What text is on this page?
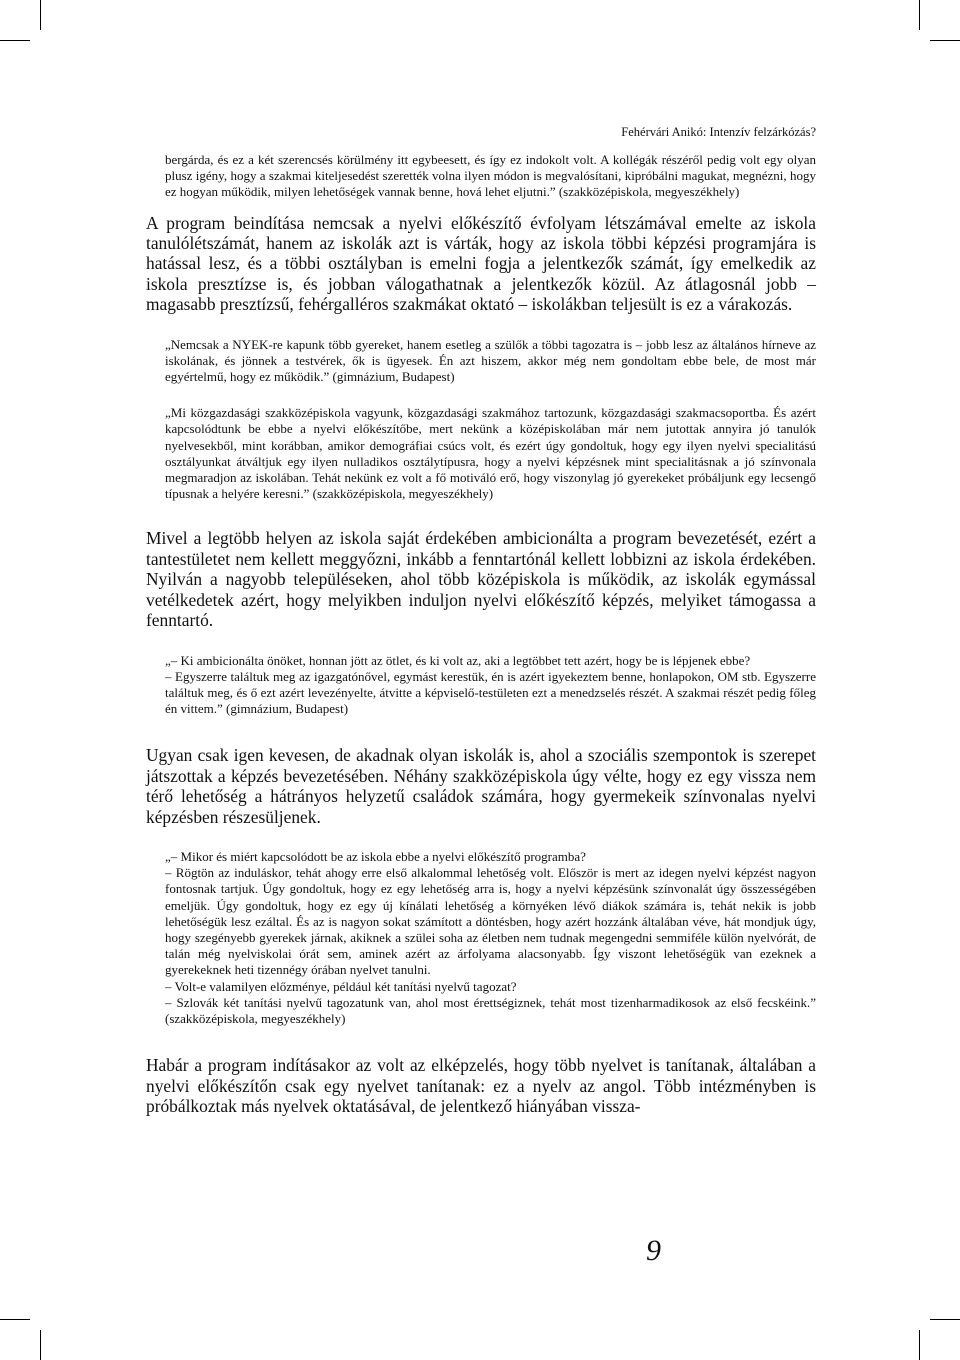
Fehérvári Anikó: Intenzív felzárkózás?

bergárda, és ez a két szerencsés körülmény itt egybeesett, és így ez indokolt volt. A kollégák részéről pedig volt egy olyan plusz igény, hogy a szakmai kiteljesedést szerették volna ilyen módon is megvalósítani, kipróbálni magukat, megnézni, hogy ez hogyan működik, milyen lehetőségek vannak benne, hová lehet eljutni.” (szakközépiskola, megyeszékhely)

A program beindítása nemcsak a nyelvi előkészítő évfolyam létszámával emelte az iskola tanulólétszámát, hanem az iskolák azt is várták, hogy az iskola többi képzési programjára is hatással lesz, és a többi osztályban is emelni fogja a jelentkezők számát, így emelkedik az iskola presztízse is, és jobban válogathatnak a jelentkezők közül. Az átlagosnál jobb – magasabb presztízsű, fehérgalléros szakmákat oktató – iskolákban teljesült is ez a várakozás.

„Nemcsak a NYEK-re kapunk több gyereket, hanem esetleg a szülők a többi tagozatra is – jobb lesz az általános hírneve az iskolának, és jönnek a testvérek, ők is ügyesek. Én azt hiszem, akkor még nem gondoltam ebbe bele, de most már egyértelmű, hogy ez működik.” (gimnázium, Budapest)

„Mi közgazdasági szakközépiskola vagyunk, közgazdasági szakmához tartozunk, közgazdasági szakmacsoportba. És azért kapcsolódtunk be ebbe a nyelvi előkészítőbe, mert nekünk a középiskolában már nem jutottak annyira jó tanulók nyelvesekből, mint korábban, amikor demográfiai csúcs volt, és ezért úgy gondoltuk, hogy egy ilyen nyelvi specialitású osztályunkat átváltjuk egy ilyen nulladikos osztálytípusra, hogy a nyelvi képzésnek mint specialitásnak a jó színvonala megmaradjon az iskolában. Tehát nekünk ez volt a fő motiváló erő, hogy viszonylag jó gyerekeket próbáljunk egy lecsengő típusnak a helyére keresni.” (szakközépiskola, megyeszékhely)

Mivel a legtöbb helyen az iskola saját érdekében ambicionálta a program bevezetését, ezért a tantestületet nem kellett meggyőzni, inkább a fenntartónál kellett lobbizni az iskola érdekében. Nyilván a nagyobb településeken, ahol több középiskola is működik, az iskolák egymással vetélkedetek azért, hogy melyikben induljon nyelvi előkészítő képzés, melyiket támogassa a fenntartó.

„– Ki ambicionálta önöket, honnan jött az ötlet, és ki volt az, aki a legtöbbet tett azért, hogy be is lépjenek ebbe?

– Egyszerre találtuk meg az igazgatónővel, egymást kerestük, én is azért igyekeztem benne, honlapokon, OM stb. Egyszerre találtuk meg, és ő ezt azért levezényelte, átvitte a képviselő-testületen ezt a menedzselés részét. A szakmai részét pedig főleg én vittem.” (gimnázium, Budapest)

Ugyan csak igen kevesen, de akadnak olyan iskolák is, ahol a szociális szempontok is szerepet játszottak a képzés bevezetésében. Néhány szakközépiskola úgy vélte, hogy ez egy vissza nem térő lehetőség a hátrányos helyzetű családok számára, hogy gyermekeik színvonalas nyelvi képzésben részesüljenek.

„– Mikor és miért kapcsolódott be az iskola ebbe a nyelvi előkészítő programba?

– Rögtön az induláskor, tehát ahogy erre első alkalommal lehetőség volt. Először is mert az idegen nyelvi képzést nagyon fontosnak tartjuk. Úgy gondoltuk, hogy ez egy lehetőség arra is, hogy a nyelvi képzésünk színvonalát úgy összességében emeljük. Úgy gondoltuk, hogy ez egy új kínálati lehetőség a környéken lévő diákok számára is, tehát nekik is jobb lehetőségük lesz ezáltal. És az is nagyon sokat számított a döntésben, hogy azért hozzánk általában véve, hát mondjuk úgy, hogy szegényebb gyerekek járnak, akiknek a szülei soha az életben nem tudnak megengedni semmiféle külön nyelvórát, de talán még nyelviskolai órát sem, aminek azért az árfolyama alacsonyabb. Így viszont lehetőségük van ezeknek a gyerekeknek heti tizennégy órában nyelvet tanulni.

– Volt-e valamilyen előzménye, például két tanítási nyelvű tagozat?

– Szlovák két tanítási nyelvű tagozatunk van, ahol most érettségiznek, tehát most tizenharmadikosok az első fecskéink.” (szakközépiskola, megyeszékhely)

Habár a program indításakor az volt az elképzelés, hogy több nyelvet is tanítanak, általában a nyelvi előkészítőn csak egy nyelvet tanítanak: ez a nyelv az angol. Több intézményben is próbálkoztak más nyelvek oktatásával, de jelentkező hiányában vissza-

9
